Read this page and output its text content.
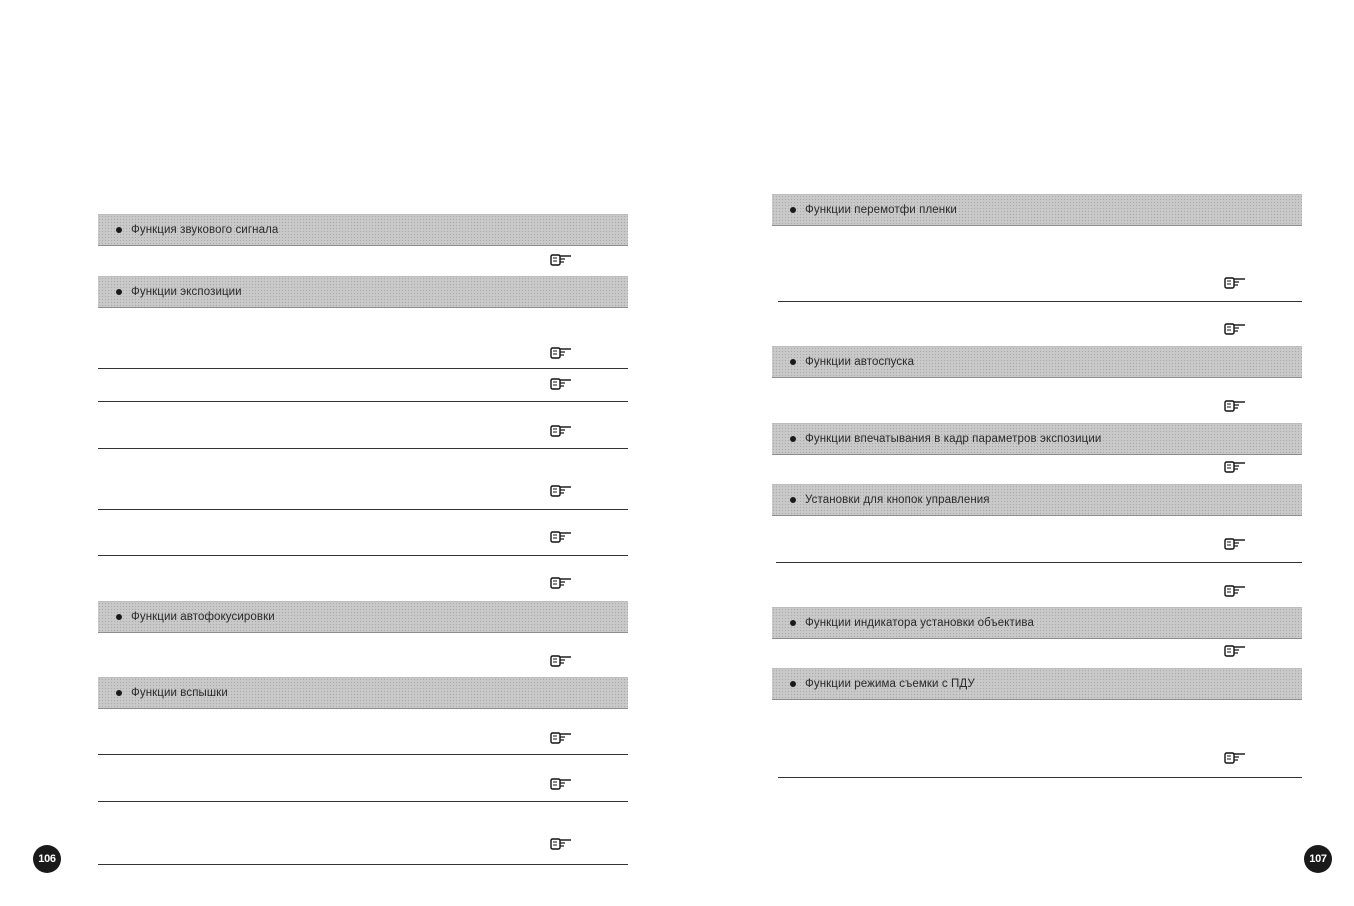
Функция звукового сигнала
Функции экспозиции
Функции автофокусировки
Функции вспышки
106
Функции перемотфи пленки
Функции автоспуска
Функции впечатывания в кадр параметров экспозиции
Установки для кнопок управления
Функции индикатора установки объектива
Функции режима съемки с ПДУ
107
